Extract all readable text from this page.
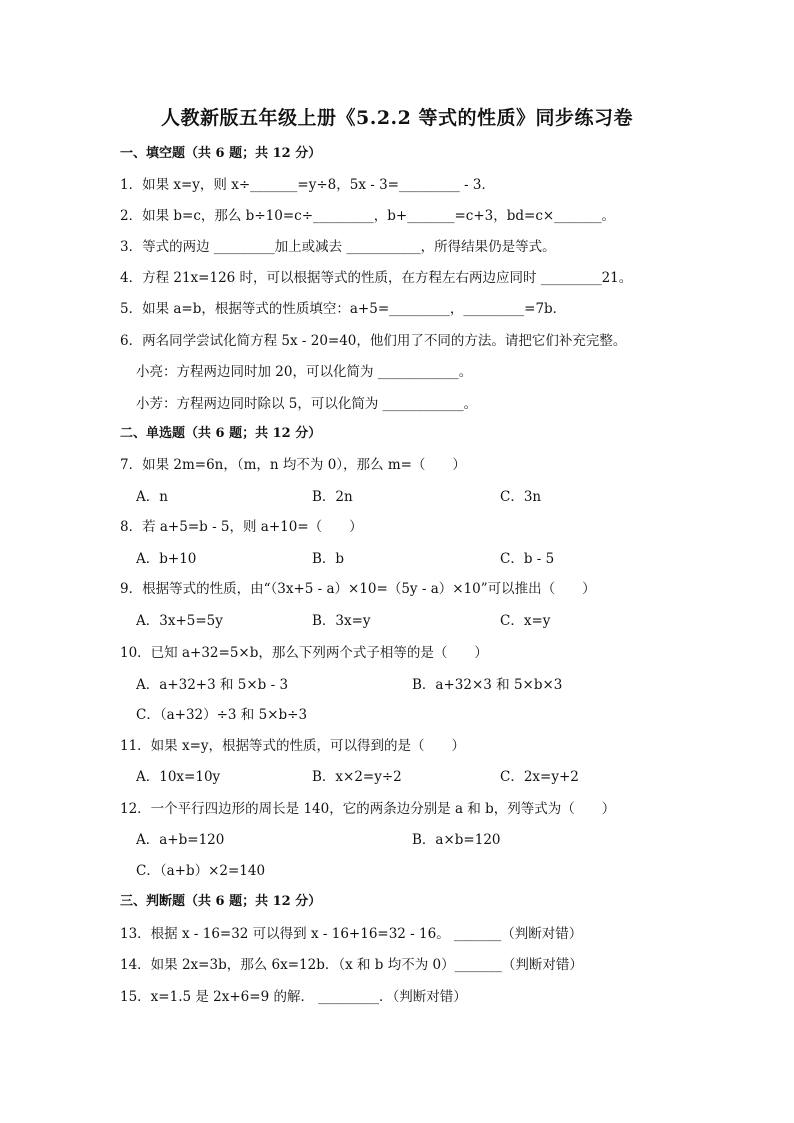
人教新版五年级上册《5.2.2 等式的性质》同步练习卷
一、填空题（共 6 题；共 12 分）
1．如果 x=y，则 x÷_______=y÷8，5x - 3=_________ - 3．
2．如果 b=c，那么 b÷10=c÷_________，b+_______=c+3，bd=c×_______。
3．等式的两边 _________加上或减去 ___________，所得结果仍是等式。
4．方程 21x=126 时，可以根据等式的性质，在方程左右两边应同时 _________21。
5．如果 a=b，根据等式的性质填空：a+5=_________，_________=7b．
6．两名同学尝试化简方程 5x - 20=40，他们用了不同的方法。请把它们补充完整。
小亮：方程两边同时加 20，可以化简为 ____________。
小芳：方程两边同时除以 5，可以化简为 ____________。
二、单选题（共 6 题；共 12 分）
7．如果 2m=6n，（m，n 均不为 0），那么 m=（　　）
A．n	B．2n	C．3n
8．若 a+5=b - 5，则 a+10=（　　）
A．b+10	B．b	C．b - 5
9．根据等式的性质，由“（3x+5 - a）×10=（5y - a）×10”可以推出（　　）
A．3x+5=5y	B．3x=y	C．x=y
10．已知 a+32=5×b，那么下列两个式子相等的是（　　）
A．a+32+3 和 5×b - 3	B．a+32×3 和 5×b×3
C．（a+32）÷3 和 5×b÷3
11．如果 x=y，根据等式的性质，可以得到的是（　　）
A．10x=10y	B．x×2=y÷2	C．2x=y+2
12．一个平行四边形的周长是 140，它的两条边分别是 a 和 b，列等式为（　　）
A．a+b=120	B．a×b=120
C．（a+b）×2=140
三、判断题（共 6 题；共 12 分）
13．根据 x - 16=32 可以得到 x - 16+16=32 - 16。 _______（判断对错）
14．如果 2x=3b，那么 6x=12b．（x 和 b 均不为 0）_______（判断对错）
15．x=1.5 是 2x+6=9 的解． _________．（判断对错）
